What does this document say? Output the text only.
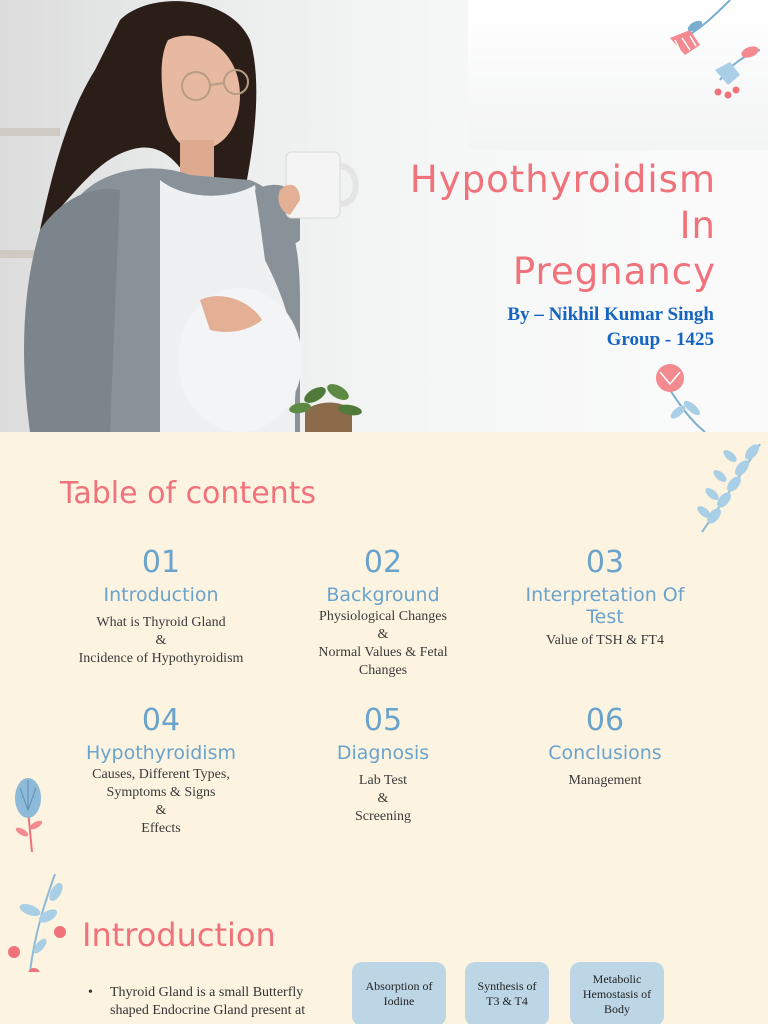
Hypothyroidism
In
Pregnancy
By – Nikhil Kumar Singh
Group - 1425
Table of contents
01
Introduction
What is Thyroid Gland
&
Incidence of Hypothyroidism
02
Background
Physiological Changes
&
Normal Values & Fetal
Changes
03
Interpretation Of
Test
Value of TSH & FT4
04
Hypothyroidism
Causes, Different Types,
Symptoms & Signs
&
Effects
05
Diagnosis
Lab Test
&
Screening
06
Conclusions
Management
Introduction
• Thyroid Gland is a small Butterfly shaped Endocrine Gland present at
Absorption of Iodine
Synthesis of T3 & T4
Metabolic Hemostasis of Body
